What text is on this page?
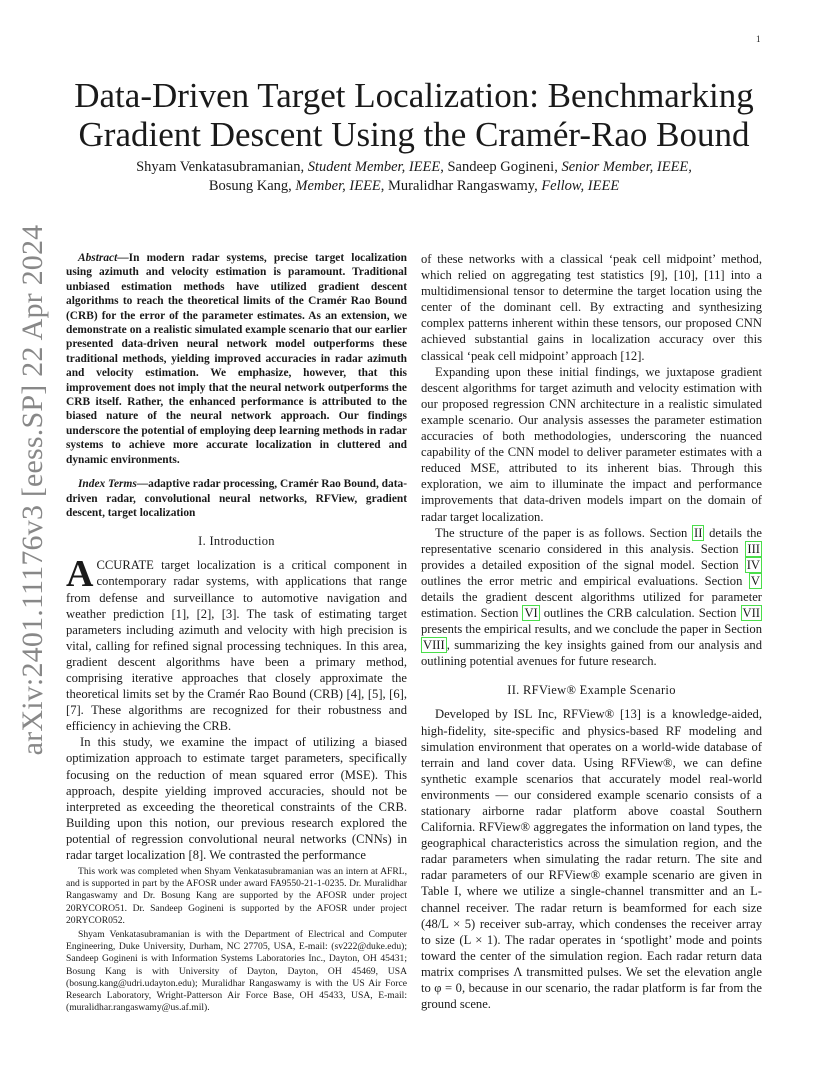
1
arXiv:2401.11176v3 [eess.SP] 22 Apr 2024
Data-Driven Target Localization: Benchmarking
Gradient Descent Using the Cramér-Rao Bound
Shyam Venkatasubramanian, Student Member, IEEE, Sandeep Gogineni, Senior Member, IEEE,
Bosung Kang, Member, IEEE, Muralidhar Rangaswamy, Fellow, IEEE

Abstract—In modern radar systems, precise target localization using azimuth and velocity estimation is paramount. Traditional unbiased estimation methods have utilized gradient descent algorithms to reach the theoretical limits of the Cramér Rao Bound (CRB) for the error of the parameter estimates. As an extension, we demonstrate on a realistic simulated example scenario that our earlier presented data-driven neural network model outperforms these traditional methods, yielding improved accuracies in radar azimuth and velocity estimation. We emphasize, however, that this improvement does not imply that the neural network outperforms the CRB itself. Rather, the enhanced performance is attributed to the biased nature of the neural network approach. Our findings underscore the potential of employing deep learning methods in radar systems to achieve more accurate localization in cluttered and dynamic environments.

Index Terms—adaptive radar processing, Cramér Rao Bound, data-driven radar, convolutional neural networks, RFView, gradient descent, target localization

I. Introduction

ACCURATE target localization is a critical component in contemporary radar systems, with applications that range from defense and surveillance to automotive navigation and weather prediction [1], [2], [3]. The task of estimating target parameters including azimuth and velocity with high precision is vital, calling for refined signal processing techniques. In this area, gradient descent algorithms have been a primary method, comprising iterative approaches that closely approximate the theoretical limits set by the Cramér Rao Bound (CRB) [4], [5], [6], [7]. These algorithms are recognized for their robustness and efficiency in achieving the CRB.

In this study, we examine the impact of utilizing a biased optimization approach to estimate target parameters, specifically focusing on the reduction of mean squared error (MSE). This approach, despite yielding improved accuracies, should not be interpreted as exceeding the theoretical constraints of the CRB. Building upon this notion, our previous research explored the potential of regression convolutional neural networks (CNNs) in radar target localization [8]. We contrasted the performance

This work was completed when Shyam Venkatasubramanian was an intern at AFRL, and is supported in part by the AFOSR under award FA9550-21-1-0235. Dr. Muralidhar Rangaswamy and Dr. Bosung Kang are supported by the AFOSR under project 20RYCORO51. Dr. Sandeep Gogineni is supported by the AFOSR under project 20RYCOR052.

Shyam Venkatasubramanian is with the Department of Electrical and Computer Engineering, Duke University, Durham, NC 27705, USA, E-mail: (sv222@duke.edu); Sandeep Gogineni is with Information Systems Laboratories Inc., Dayton, OH 45431; Bosung Kang is with University of Dayton, Dayton, OH 45469, USA (bosung.kang@udri.udayton.edu); Muralidhar Rangaswamy is with the US Air Force Research Laboratory, Wright-Patterson Air Force Base, OH 45433, USA, E-mail: (muralidhar.rangaswamy@us.af.mil).

of these networks with a classical ‘peak cell midpoint’ method, which relied on aggregating test statistics [9], [10], [11] into a multidimensional tensor to determine the target location using the center of the dominant cell. By extracting and synthesizing complex patterns inherent within these tensors, our proposed CNN achieved substantial gains in localization accuracy over this classical ‘peak cell midpoint’ approach [12].

Expanding upon these initial findings, we juxtapose gradient descent algorithms for target azimuth and velocity estimation with our proposed regression CNN architecture in a realistic simulated example scenario. Our analysis assesses the parameter estimation accuracies of both methodologies, underscoring the nuanced capability of the CNN model to deliver parameter estimates with a reduced MSE, attributed to its inherent bias. Through this exploration, we aim to illuminate the impact and performance improvements that data-driven models impart on the domain of radar target localization.

The structure of the paper is as follows. Section II details the representative scenario considered in this analysis. Section III provides a detailed exposition of the signal model. Section IV outlines the error metric and empirical evaluations. Section V details the gradient descent algorithms utilized for parameter estimation. Section VI outlines the CRB calculation. Section VII presents the empirical results, and we conclude the paper in Section VIII , summarizing the key insights gained from our analysis and outlining potential avenues for future research.

II. RFView® Example Scenario

Developed by ISL Inc, RFView® [13] is a knowledge-aided, high-fidelity, site-specific and physics-based RF modeling and simulation environment that operates on a world-wide database of terrain and land cover data. Using RFView®, we can define synthetic example scenarios that accurately model real-world environments — our considered example scenario consists of a stationary airborne radar platform above coastal Southern California. RFView® aggregates the information on land types, the geographical characteristics across the simulation region, and the radar parameters when simulating the radar return. The site and radar parameters of our RFView® example scenario are given in Table I, where we utilize a single-channel transmitter and an L-channel receiver. The radar return is beamformed for each size (48/L × 5) receiver sub-array, which condenses the receiver array to size (L × 1). The radar operates in ‘spotlight’ mode and points toward the center of the simulation region. Each radar return data matrix comprises Λ transmitted pulses. We set the elevation angle to φ = 0, because in our scenario, the radar platform is far from the ground scene.
